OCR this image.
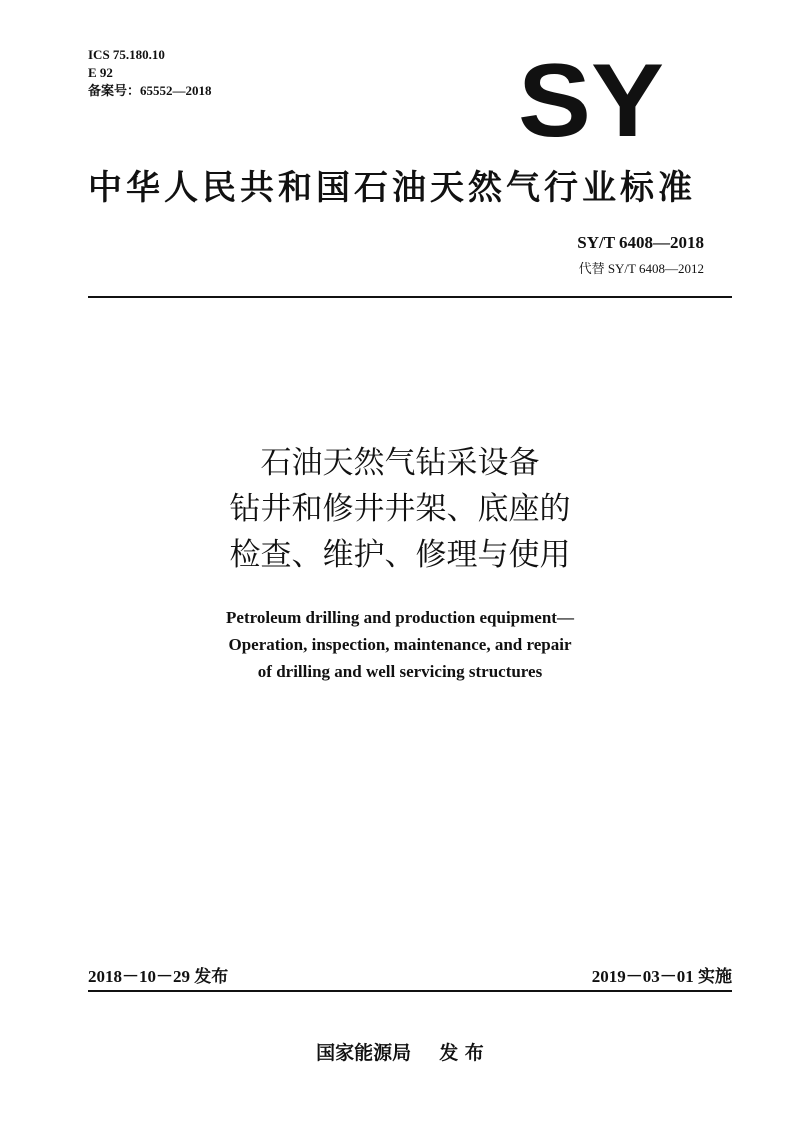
ICS 75.180.10
E 92
备案号：65552—2018	SY
中华人民共和国石油天然气行业标准
SY/T 6408—2018
代替 SY/T 6408—2012
石油天然气钻采设备
钻井和修井井架、底座的
检查、维护、修理与使用
Petroleum drilling and production equipment—
Operation, inspection, maintenance, and repair
of drilling and well servicing structures
2018－10－29 发布	2019－03－01 实施
国家能源局 发 布
